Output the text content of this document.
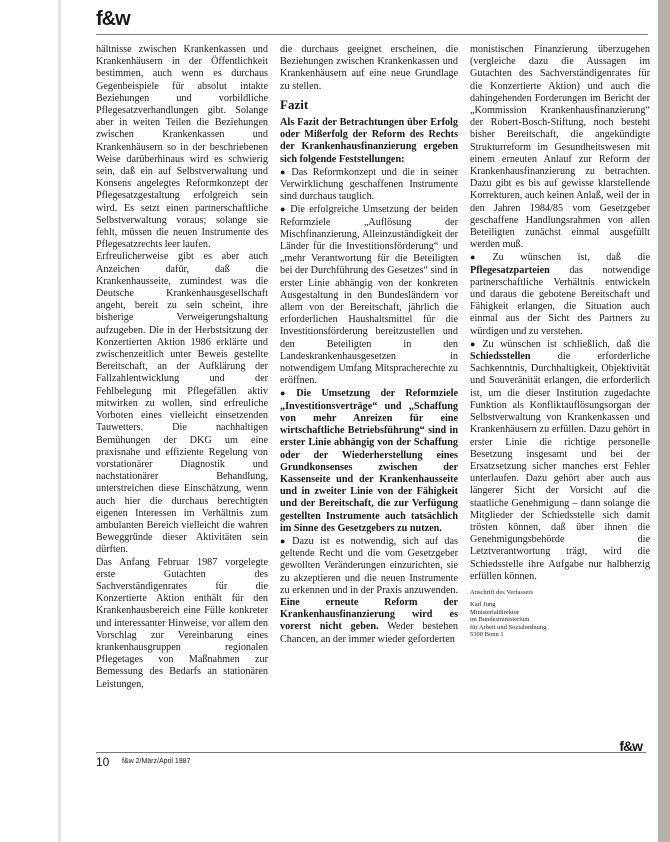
f&w

hältnisse zwischen Krankenkassen und Krankenhäusern in der Öffentlichkeit bestimmen, auch wenn es durchaus Gegenbeispiele für absolut intakte Beziehungen und vorbildliche Pflegesatzverhandlungen gibt. Solange aber in weiten Teilen die Beziehungen zwischen Krankenkassen und Krankenhäusern so in der beschriebenen Weise darüberhinaus wird es schwierig sein, daß ein auf Selbstverwaltung und Konsens angelegtes Reformkonzept der Pflegesatzgestaltung erfolgreich sein wird. Es setzt einen partnerschaftliche Selbstverwaltung voraus; solange sie fehlt, müssen die neuen Instrumente des Pflegesatzrechts leer laufen.

Erfreulicherweise gibt es aber auch Anzeichen dafür, daß die Krankenhausseite, zumindest was die Deutsche Krankenhausgesellschaft angeht, bereit zu sein scheint, ihre bisherige Verweigerungshaltung aufzugeben. Die in der Herbstsitzung der Konzertierten Aktion 1986 erklärte und zwischenzeitlich unter Beweis gestellte Bereitschaft, an der Aufklärung der Fallzahlentwicklung und der Fehlbelegung mit Pflegefällen aktiv mitwirken zu wollen, sind erfreuliche Vorboten eines vielleicht einsetzenden Tauwetters. Die nachhaltigen Bemühungen der DKG um eine praxisnahe und effiziente Regelung von vorstationärer Diagnostik und nachstationärer Behandlung, unterstreichen diese Einschätzung, wenn auch hier die durchaus berechtigten eigenen Interessen im Verhältnis zum ambulanten Bereich vielleicht die wahren Beweggründe dieser Aktivitäten sein dürften.

Das Anfang Februar 1987 vorgelegte erste Gutachten des Sachverständigenrates für die Konzertierte Aktion enthält für den Krankenhausbereich eine Fülle konkreter und interessanter Hinweise, vor allem den Vorschlag zur Vereinbarung eines krankenhausgruppen regionalen Pflegetages von Maßnahmen zur Bemessung des Bedarfs an stationären Leistungen,

die durchaus geeignet erscheinen, die Beziehungen zwischen Krankenkassen und Krankenhäusern auf eine neue Grundlage zu stellen.

Fazit

Als Fazit der Betrachtungen über Erfolg oder Mißerfolg der Reform des Rechts der Krankenhausfinanzierung ergeben sich folgende Feststellungen:

● Das Reformkonzept und die in seiner Verwirklichung geschaffenen Instrumente sind durchaus tauglich.

● Die erfolgreiche Umsetzung der beiden Reformziele „Auflösung der Mischfinanzierung, Alleinzuständigkeit der Länder für die Investitionsförderung“ und „mehr Verantwortung für die Beteiligten bei der Durchführung des Gesetzes“ sind in erster Linie abhängig von der konkreten Ausgestaltung in den Bundesländern vor allem von der Bereitschaft, jährlich die erforderlichen Haushaltsmittel für die Investitionsförderung bereitzustellen und den Beteiligten in den Landeskrankenhausgesetzen in notwendigem Umfang Mitspracherechte zu eröffnen.

● Die Umsetzung der Reformziele „Investitionsverträge“ und „Schaffung von mehr Anreizen für eine wirtschaftliche Betriebsführung“ sind in erster Linie abhängig von der Schaffung oder der Wiederherstellung eines Grundkonsenses zwischen der Kassenseite und der Krankenhausseite und in zweiter Linie von der Fähigkeit und der Bereitschaft, die zur Verfügung gestellten Instrumente auch tatsächlich im Sinne des Gesetzgebers zu nutzen.

● Dazu ist es notwendig, sich auf das geltende Recht und die vom Gesetzgeber gewollten Veränderungen einzurichten, sie zu akzeptieren und die neuen Instrumente zu erkennen und in der Praxis anzuwenden. Eine erneute Reform der Krankenhausfinanzierung wird es vorerst nicht geben. Weder bestehen Chancen, an der immer wieder geforderten

monistischen Finanzierung überzugehen (vergleiche dazu die Aussagen im Gutachten des Sachverständigenrates für die Konzertierte Aktion) und auch die dahingehenden Forderungen im Bericht der „Kommission Krankenhausfinanzierung“ der Robert-Bosch-Stiftung, noch besteht bisher Bereitschaft, die angekündigte Strukturreform im Gesundheitswesen mit einem erneuten Anlauf zur Reform der Krankenhausfinanzierung zu betrachten. Dazu gibt es bis auf gewisse klarstellende Korrekturen, auch keinen Anlaß, weil der in den Jahren 1984/85 vom Gesetzgeber geschaffene Handlungsrahmen von allen Beteiligten zunächst einmal ausgefüllt werden muß.

● Zu wünschen ist, daß die Pflegesatzparteien das notwendige partnerschaftliche Verhältnis entwickeln und daraus die gebotene Bereitschaft und Fähigkeit erlangen, die Situation auch einmal aus der Sicht des Partners zu würdigen und zu verstehen.

● Zu wünschen ist schließlich, daß die Schiedsstellen	die erforderliche Sachkenntnis, Durchhaltigkeit, Objektivität und Souveränität erlangen, die erforderlich ist, um die dieser Institution zugedachte Funktion als Konfliktauflösungsorgan der Selbstverwaltung von Krankenkassen und Krankenhäusern zu erfüllen. Dazu gehört in erster Linie die richtige personelle Besetzung insgesamt und bei der Ersatzsetzung sicher manches erst Fehler unterlaufen. Dazu gehört aber auch aus längerer Sicht der Vorsicht auf die staatliche Genehmigung – dann solange die Mitglieder der Schiedsstelle sich damit trösten können, daß über ihnen die Genehmigungsbehörde die Letztverantwortung trägt, wird die Schiedsstelle ihre Aufgabe nur halbherzig erfüllen können.

Anschrift des Verfassers
Karl Jung
Ministerialdirektor
im Bundesministerium
für Arbeit und Sozialordnung
5300 Bonn 1
10 f&w 2/März/April 1987
f&w
